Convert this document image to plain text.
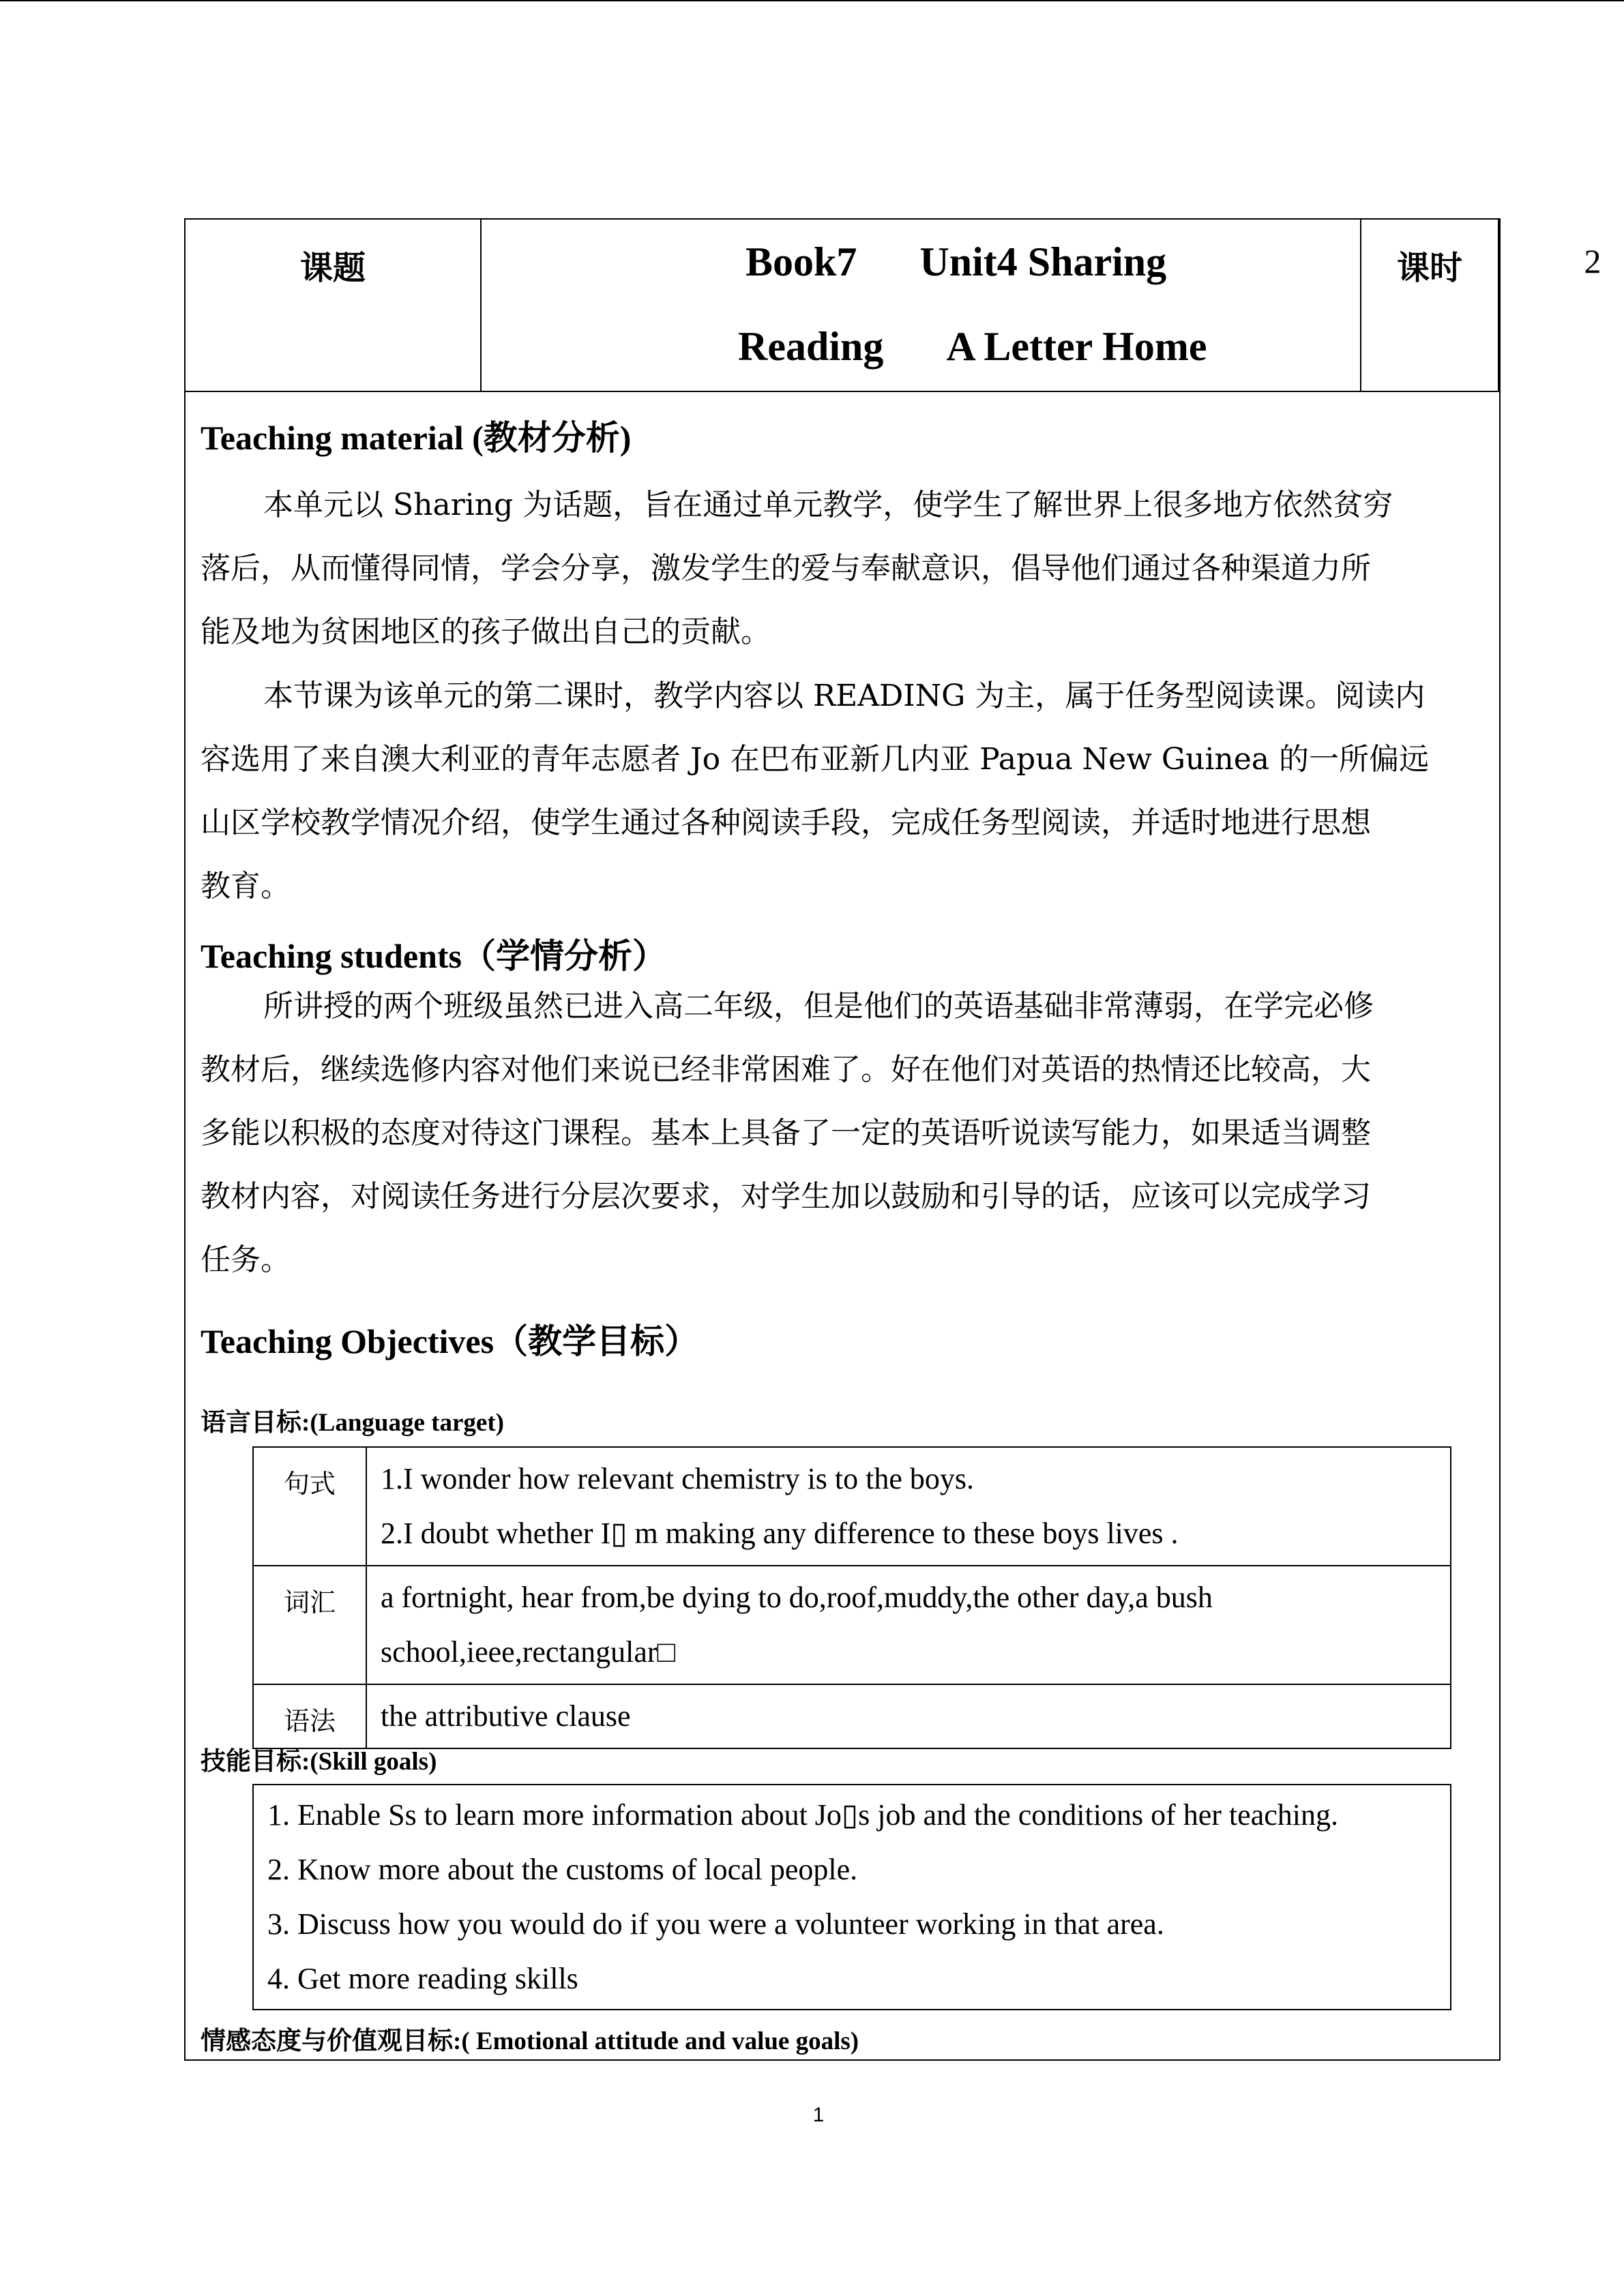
课题	Book7 Unit4 Sharing
Reading A Letter Home
课时	2
Teaching material (教材分析)
本单元以 Sharing 为话题，旨在通过单元教学，使学生了解世界上很多地方依然贫穷
落后，从而懂得同情，学会分享，激发学生的爱与奉献意识，倡导他们通过各种渠道力所
能及地为贫困地区的孩子做出自己的贡献。
本节课为该单元的第二课时，教学内容以 READING 为主，属于任务型阅读课。阅读内
容选用了来自澳大利亚的青年志愿者 Jo 在巴布亚新几内亚 Papua New Guinea 的一所偏远
山区学校教学情况介绍，使学生通过各种阅读手段，完成任务型阅读，并适时地进行思想
教育。
Teaching students（学情分析）
所讲授的两个班级虽然已进入高二年级，但是他们的英语基础非常薄弱，在学完必修
教材后，继续选修内容对他们来说已经非常困难了。好在他们对英语的热情还比较高，大
多能以积极的态度对待这门课程。基本上具备了一定的英语听说读写能力，如果适当调整
教材内容，对阅读任务进行分层次要求，对学生加以鼓励和引导的话，应该可以完成学习
任务。
Teaching Objectives（教学目标）
语言目标:(Language target)
句式	1.I wonder how relevant chemistry is to the boys.
2.I doubt whether I▯ m making any difference to these boys lives .

词汇	a fortnight, hear from,be dying to do,roof,muddy,the other day,a bush
school,ieee,rectangular□

语法	the attributive clause
技能目标:(Skill goals)
1. Enable Ss to learn more information about Jo▯s job and the conditions of her teaching.
2. Know more about the customs of local people.
3. Discuss how you would do if you were a volunteer working in that area.
4. Get more reading skills
情感态度与价值观目标:( Emotional attitude and value goals)
1
